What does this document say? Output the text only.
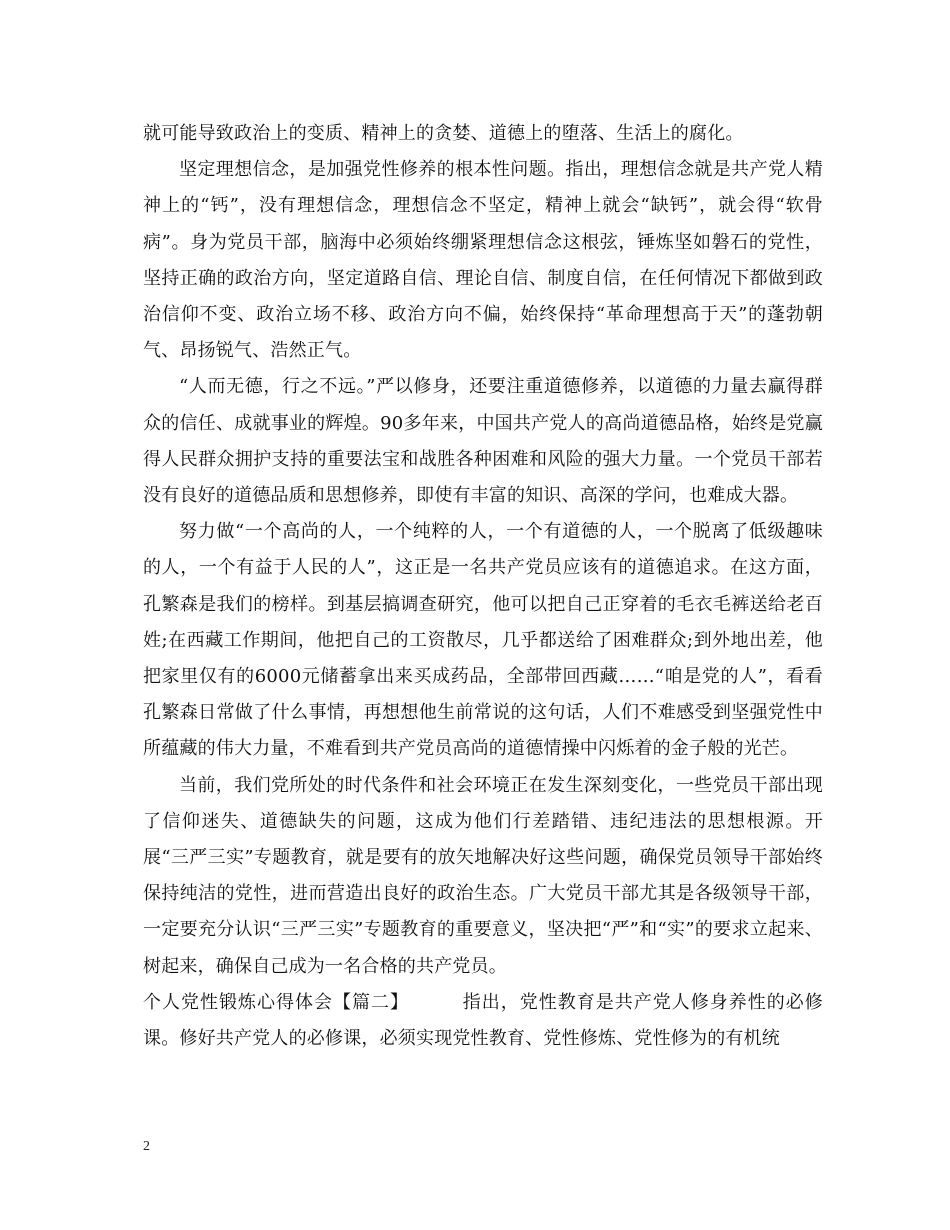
就可能导致政治上的变质、精神上的贪婪、道德上的堕落、生活上的腐化。

坚定理想信念，是加强党性修养的根本性问题。指出，理想信念就是共产党人精神上的“钙”，没有理想信念，理想信念不坚定，精神上就会“缺钙”，就会得“软骨病”。身为党员干部，脑海中必须始终绷紧理想信念这根弦，锤炼坚如磐石的党性，坚持正确的政治方向，坚定道路自信、理论自信、制度自信，在任何情况下都做到政治信仰不变、政治立场不移、政治方向不偏，始终保持“革命理想高于天”的蓬勃朝气、昂扬锐气、浩然正气。

“人而无德，行之不远。”严以修身，还要注重道德修养，以道德的力量去赢得群众的信任、成就事业的辉煌。90多年来，中国共产党人的高尚道德品格，始终是党赢得人民群众拥护支持的重要法宝和战胜各种困难和风险的强大力量。一个党员干部若没有良好的道德品质和思想修养，即使有丰富的知识、高深的学问，也难成大器。

努力做“一个高尚的人，一个纯粹的人，一个有道德的人，一个脱离了低级趣味的人，一个有益于人民的人”，这正是一名共产党员应该有的道德追求。在这方面，孔繁森是我们的榜样。到基层搞调查研究，他可以把自己正穿着的毛衣毛裤送给老百姓;在西藏工作期间，他把自己的工资散尽，几乎都送给了困难群众;到外地出差，他把家里仅有的6000元储蓄拿出来买成药品，全部带回西藏……“咱是党的人”，看看孔繁森日常做了什么事情，再想想他生前常说的这句话，人们不难感受到坚强党性中所蕴藏的伟大力量，不难看到共产党员高尚的道德情操中闪烁着的金子般的光芒。

当前，我们党所处的时代条件和社会环境正在发生深刻变化，一些党员干部出现了信仰迷失、道德缺失的问题，这成为他们行差踏错、违纪违法的思想根源。开展“三严三实”专题教育，就是要有的放矢地解决好这些问题，确保党员领导干部始终保持纯洁的党性，进而营造出良好的政治生态。广大党员干部尤其是各级领导干部，一定要充分认识“三严三实”专题教育的重要意义，坚决把“严”和“实”的要求立起来、树起来，确保自己成为一名合格的共产党员。

个人党性锻炼心得体会【篇二】	指出，党性教育是共产党人修身养性的必修课。修好共产党人的必修课，必须实现党性教育、党性修炼、党性修为的有机统

2
